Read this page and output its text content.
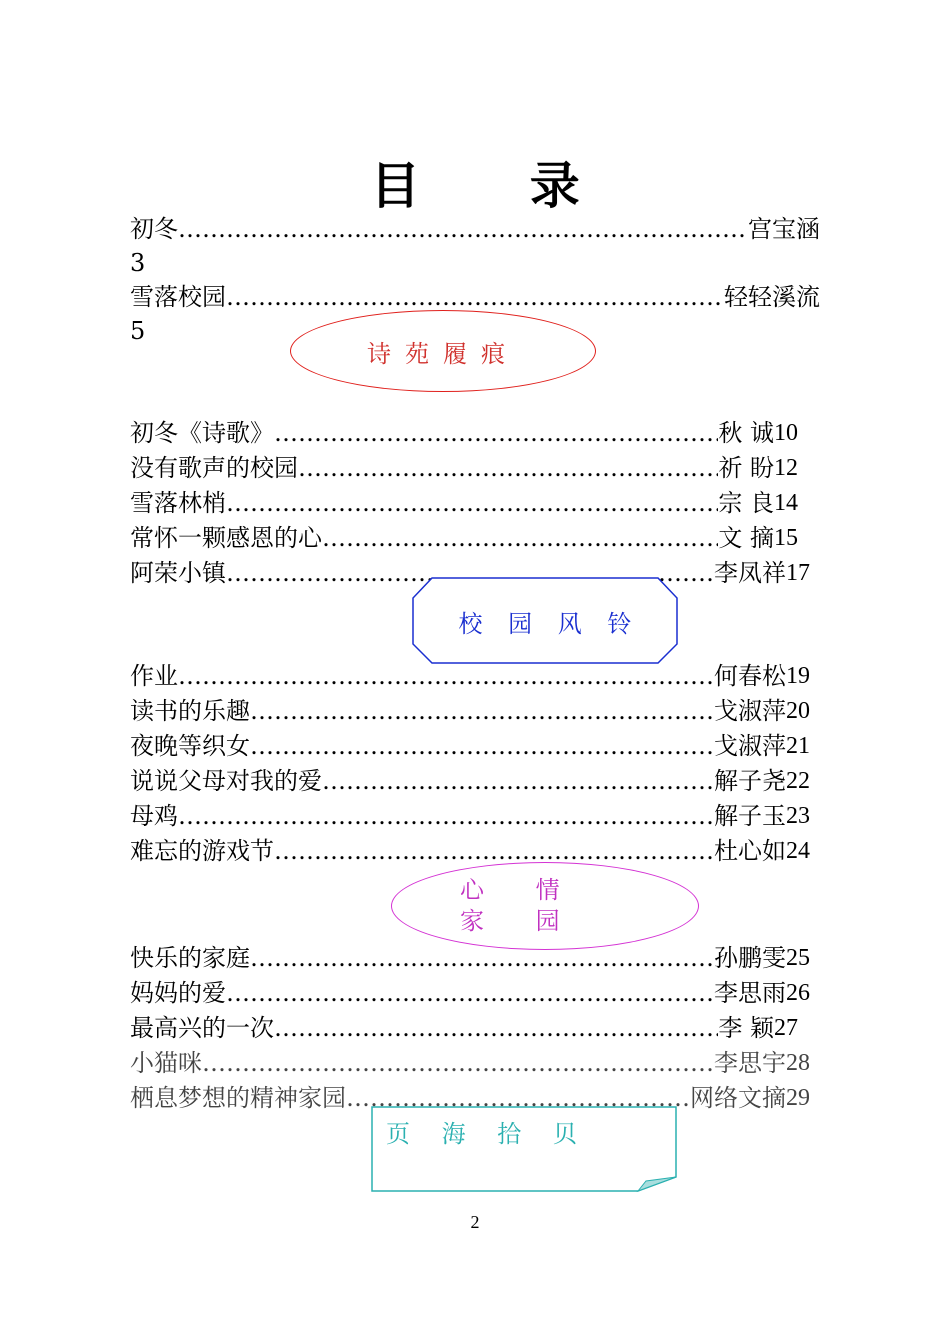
目 录
初冬 ……………………………………………………………………………………………………………………	宫宝涵
3
雪落校园 ……………………………………………………………………………………………………………………	轻轻溪流
5
诗苑履痕
初冬《诗歌》 ……………………………………………………………………………………………………………………	秋 诚 10
没有歌声的校园 ……………………………………………………………………………………………………………………	祈 盼 12
雪落林梢 ……………………………………………………………………………………………………………………	宗 良 14
常怀一颗感恩的心 ……………………………………………………………………………………………………………………	文 摘 15
阿荣小镇 ……………………………………………………………………………………………………………………	李凤祥 17
校 园 风 铃
作业 ……………………………………………………………………………………………………………………	何春松 19
读书的乐趣 ……………………………………………………………………………………………………………………	戈淑萍 20
夜晚等织女 ……………………………………………………………………………………………………………………	戈淑萍 21
说说父母对我的爱 ……………………………………………………………………………………………………………………	解子尧 22
母鸡 ……………………………………………………………………………………………………………………	解子玉 23
难忘的游戏节 ……………………………………………………………………………………………………………………	杜心如 24
心 情 家 园
快乐的家庭 ……………………………………………………………………………………………………………………	孙鹏雯 25
妈妈的爱 ……………………………………………………………………………………………………………………	李思雨 26
最高兴的一次 ……………………………………………………………………………………………………………………	李 颖 27
小猫咪 ……………………………………………………………………………………………………………………	李思宇 28
栖息梦想的精神家园 ……………………………………………………………………………………………………………………	网络文摘 29
页 海 拾 贝
2
